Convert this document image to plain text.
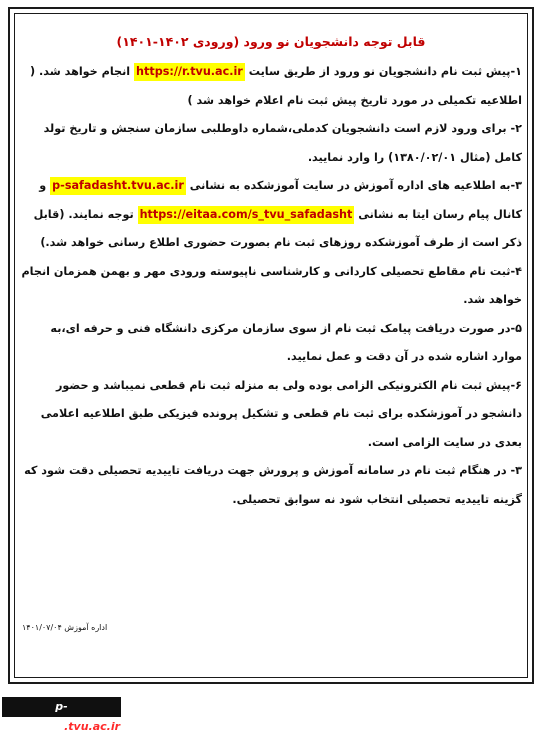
قابل توجه دانشجویان نو ورود (ورودی ۱۴۰۲-۱۴۰۱)

۱-پیش ثبت نام دانشجویان نو ورود از طریق سایت https://r.tvu.ac.ir انجام خواهد شد. ( اطلاعیه تکمیلی در مورد تاریخ پیش ثبت نام اعلام خواهد شد )

۲- برای ورود لازم است دانشجویان کدملی،شماره داوطلبی سازمان سنجش و تاریخ تولد کامل (مثال ۱۳۸۰/۰۲/۰۱) را وارد نمایید.

۳-به اطلاعیه های اداره آموزش در سایت آموزشکده به نشانی p-safadasht.tvu.ac.ir و کانال پیام رسان ایتا به نشانی https://eitaa.com/s_tvu_safadasht توجه نمایند. (قابل ذکر است از طرف آموزشکده روزهای ثبت نام بصورت حضوری اطلاع رسانی خواهد شد.)

۴-ثبت نام مقاطع تحصیلی کاردانی و کارشناسی ناپیوسته ورودی مهر و بهمن همزمان انجام خواهد شد.

۵-در صورت دریافت پیامک ثبت نام از سوی سازمان مرکزی دانشگاه فنی و حرفه ای،به موارد اشاره شده در آن دقت و عمل نمایید.

۶-پیش ثبت نام الکترونیکی الزامی بوده ولی به منزله ثبت نام قطعی نمیباشد و حضور دانشجو در آموزشکده برای ثبت نام قطعی و تشکیل پرونده فیزیکی طبق اطلاعیه اعلامی بعدی در سایت الزامی است.

۳- در هنگام ثبت نام در سامانه آموزش و پرورش جهت دریافت تاییدیه تحصیلی دقت شود که گزینه تاییدیه تحصیلی انتخاب شود نه سوابق تحصیلی.

اداره آموزش ۱۴۰۱/۰۷/۰۴
p-safadasht.tvu.ac.ir
